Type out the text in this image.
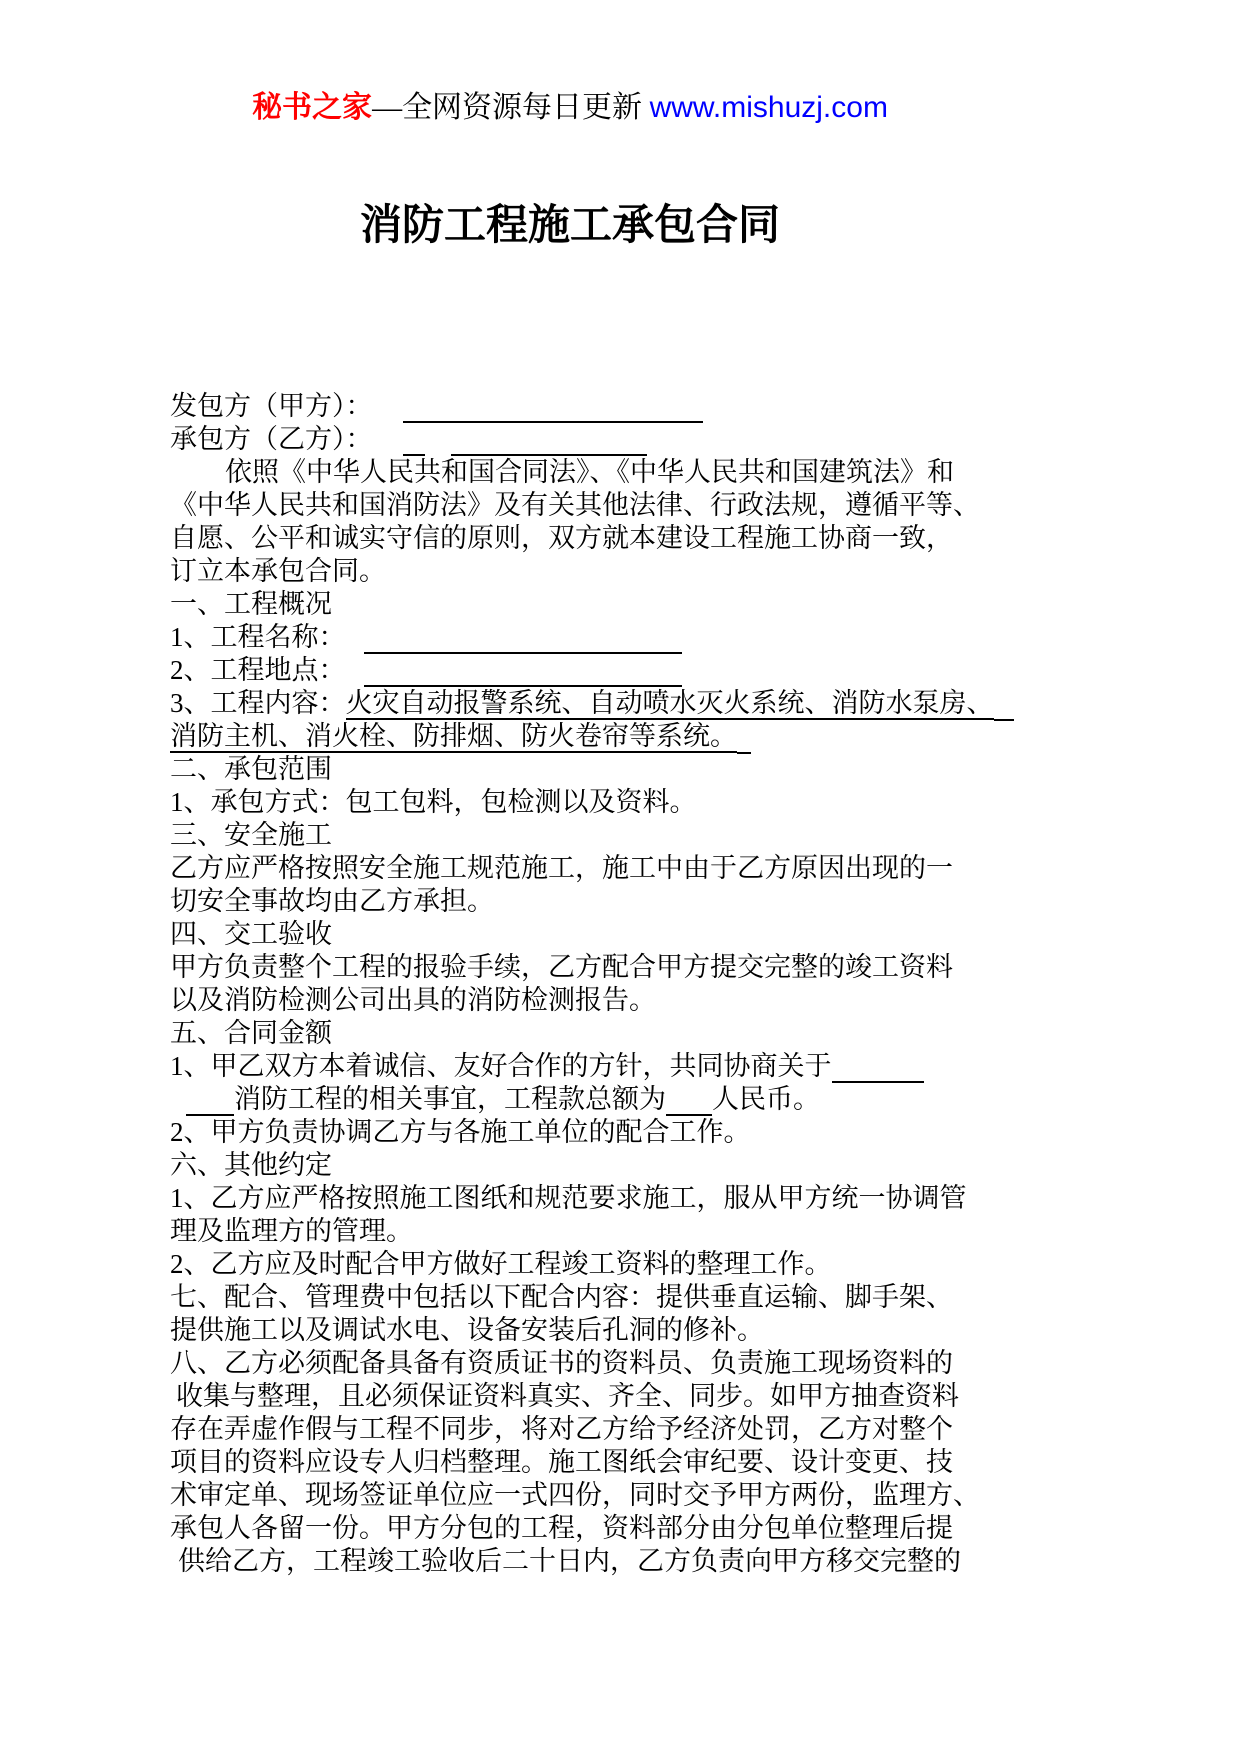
秘书之家—全网资源每日更新 www.mishuzj.com
消防工程施工承包合同
发包方（甲方）：
承包方（乙方）：
依照《中华人民共和国合同法》、《中华人民共和国建筑法》和
《中华人民共和国消防法》及有关其他法律、行政法规，遵循平等、
自愿、公平和诚实守信的原则，双方就本建设工程施工协商一致，
订立本承包合同。
一、工程概况
1、工程名称：
2、工程地点：
3、工程内容：火灾自动报警系统、自动喷水灭火系统、消防水泵房、
消防主机、消火栓、防排烟、防火卷帘等系统。
二、承包范围
1、承包方式：包工包料，包检测以及资料。
三、安全施工
乙方应严格按照安全施工规范施工，施工中由于乙方原因出现的一
切安全事故均由乙方承担。
四、交工验收
甲方负责整个工程的报验手续，乙方配合甲方提交完整的竣工资料
以及消防检测公司出具的消防检测报告。
五、合同金额
1、甲乙双方本着诚信、友好合作的方针，共同协商关于
消防工程的相关事宜，工程款总额为 人民币。
2、甲方负责协调乙方与各施工单位的配合工作。
六、其他约定
1、乙方应严格按照施工图纸和规范要求施工，服从甲方统一协调管
理及监理方的管理。
2、乙方应及时配合甲方做好工程竣工资料的整理工作。
七、配合、管理费中包括以下配合内容：提供垂直运输、脚手架、
提供施工以及调试水电、设备安装后孔洞的修补。
八、乙方必须配备具备有资质证书的资料员、负责施工现场资料的
收集与整理，且必须保证资料真实、齐全、同步。如甲方抽查资料
存在弄虚作假与工程不同步，将对乙方给予经济处罚，乙方对整个
项目的资料应设专人归档整理。施工图纸会审纪要、设计变更、技
术审定单、现场签证单位应一式四份，同时交予甲方两份，监理方、
承包人各留一份。甲方分包的工程，资料部分由分包单位整理后提
供给乙方，工程竣工验收后二十日内，乙方负责向甲方移交完整的
